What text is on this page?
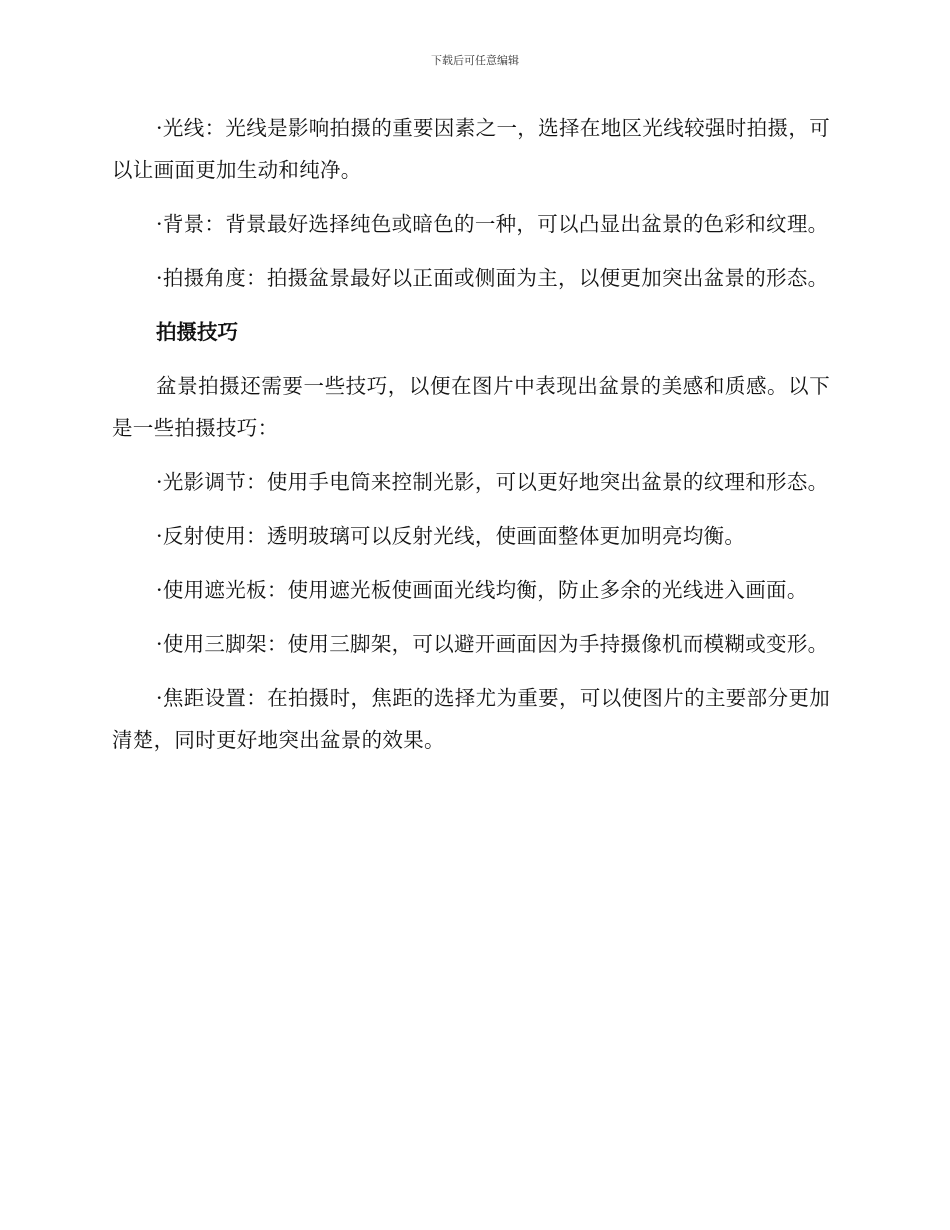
下载后可任意编辑

·光线：光线是影响拍摄的重要因素之一，选择在地区光线较强时拍摄，可以让画面更加生动和纯净。

·背景：背景最好选择纯色或暗色的一种，可以凸显出盆景的色彩和纹理。

·拍摄角度：拍摄盆景最好以正面或侧面为主，以便更加突出盆景的形态。

拍摄技巧

盆景拍摄还需要一些技巧，以便在图片中表现出盆景的美感和质感。以下是一些拍摄技巧：

·光影调节：使用手电筒来控制光影，可以更好地突出盆景的纹理和形态。

·反射使用：透明玻璃可以反射光线，使画面整体更加明亮均衡。

·使用遮光板：使用遮光板使画面光线均衡，防止多余的光线进入画面。

·使用三脚架：使用三脚架，可以避开画面因为手持摄像机而模糊或变形。

·焦距设置：在拍摄时，焦距的选择尤为重要，可以使图片的主要部分更加清楚，同时更好地突出盆景的效果。
